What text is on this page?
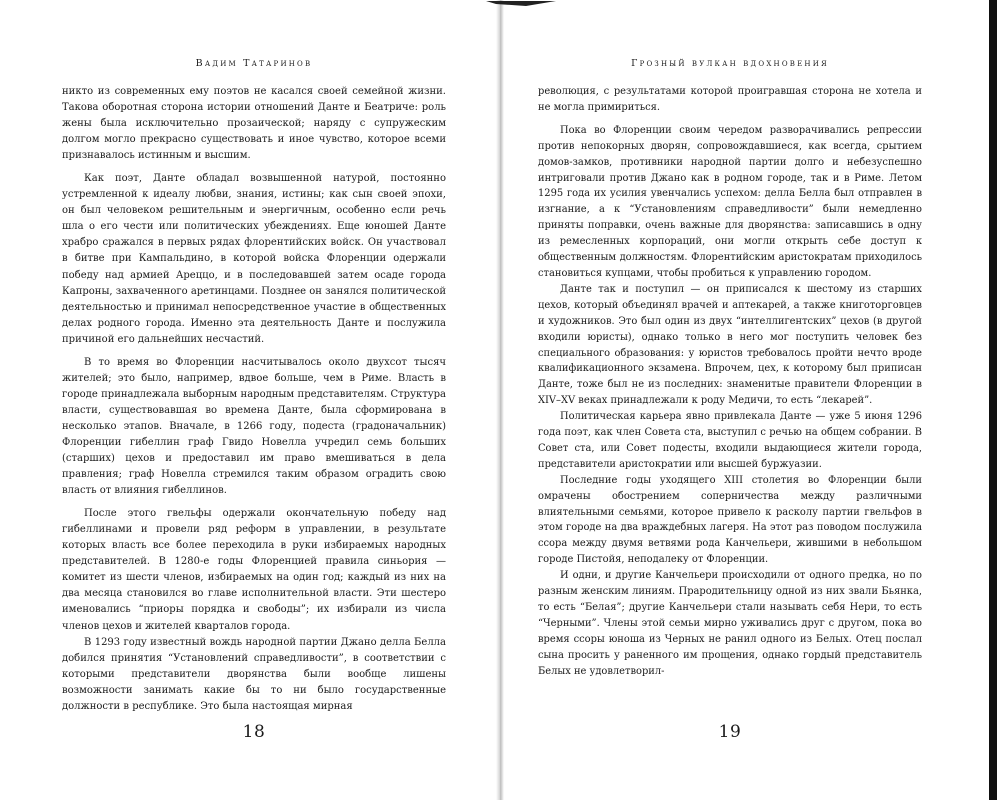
Вадим Татаринов

никто из современных ему поэтов не касался своей семейной жизни. Такова оборотная сторона истории отношений Данте и Беатриче: роль жены была исключительно прозаической; наряду с супружеским долгом могло прекрасно существовать и иное чувство, которое всеми признавалось истинным и высшим.

Как поэт, Данте обладал возвышенной натурой, постоянно устремленной к идеалу любви, знания, истины; как сын своей эпохи, он был человеком решительным и энергичным, особенно если речь шла о его чести или политических убеждениях. Еще юношей Данте храбро сражался в первых рядах флорентийских войск. Он участвовал в битве при Кампальдино, в которой войска Флоренции одержали победу над армией Ареццо, и в последовавшей затем осаде города Капроны, захваченного аретинцами. Позднее он занялся политической деятельностью и принимал непосредственное участие в общественных делах родного города. Именно эта деятельность Данте и послужила причиной его дальнейших несчастий.

В то время во Флоренции насчитывалось около двухсот тысяч жителей; это было, например, вдвое больше, чем в Риме. Власть в городе принадлежала выборным народным представителям. Структура власти, существовавшая во времена Данте, была сформирована в несколько этапов. Вначале, в 1266 году, подеста (градоначальник) Флоренции гибеллин граф Гвидо Новелла учредил семь больших (старших) цехов и предоставил им право вмешиваться в дела правления; граф Новелла стремился таким образом оградить свою власть от влияния гибеллинов.

После этого гвельфы одержали окончательную победу над гибеллинами и провели ряд реформ в управлении, в результате которых власть все более переходила в руки избираемых народных представителей. В 1280-е годы Флоренцией правила синьория — комитет из шести членов, избираемых на один год; каждый из них на два месяца становился во главе исполнительной власти. Эти шестеро именовались “приоры порядка и свободы”; их избирали из числа членов цехов и жителей кварталов города.

В 1293 году известный вождь народной партии Джано делла Белла добился принятия “Установлений справедливости”, в соответствии с которыми представители дворянства были вообще лишены возможности занимать какие бы то ни было государственные должности в республике. Это была настоящая мирная

18
Грозный вулкан вдохновения

революция, с результатами которой проигравшая сторона не хотела и не могла примириться.

Пока во Флоренции своим чередом разворачивались репрессии против непокорных дворян, сопровождавшиеся, как всегда, срытием домов-замков, противники народной партии долго и небезуспешно интриговали против Джано как в родном городе, так и в Риме. Летом 1295 года их усилия увенчались успехом: делла Белла был отправлен в изгнание, а к “Установлениям справедливости” были немедленно приняты поправки, очень важные для дворянства: записавшись в одну из ремесленных корпораций, они могли открыть себе доступ к общественным должностям. Флорентийским аристократам приходилось становиться купцами, чтобы пробиться к управлению городом.

Данте так и поступил — он приписался к шестому из старших цехов, который объединял врачей и аптекарей, а также книготорговцев и художников. Это был один из двух “интеллигентских” цехов (в другой входили юристы), однако только в него мог поступить человек без специального образования: у юристов требовалось пройти нечто вроде квалификационного экзамена. Впрочем, цех, к которому был приписан Данте, тоже был не из последних: знаменитые правители Флоренции в XIV–XV веках принадлежали к роду Медичи, то есть “лекарей”.

Политическая карьера явно привлекала Данте — уже 5 июня 1296 года поэт, как член Совета ста, выступил с речью на общем собрании. В Совет ста, или Совет подесты, входили выдающиеся жители города, представители аристократии или высшей буржуазии.

Последние годы уходящего XIII столетия во Флоренции были омрачены обострением соперничества между различными влиятельными семьями, которое привело к расколу партии гвельфов в этом городе на два враждебных лагеря. На этот раз поводом послужила ссора между двумя ветвями рода Канчельери, жившими в небольшом городе Пистойя, неподалеку от Флоренции.

И одни, и другие Канчельери происходили от одного предка, но по разным женским линиям. Прародительницу одной из них звали Бьянка, то есть “Белая”; другие Канчельери стали называть себя Нери, то есть “Черными”. Члены этой семьи мирно уживались друг с другом, пока во время ссоры юноша из Черных не ранил одного из Белых. Отец послал сына просить у раненного им прощения, однако гордый представитель Белых не удовлетворил-

19
